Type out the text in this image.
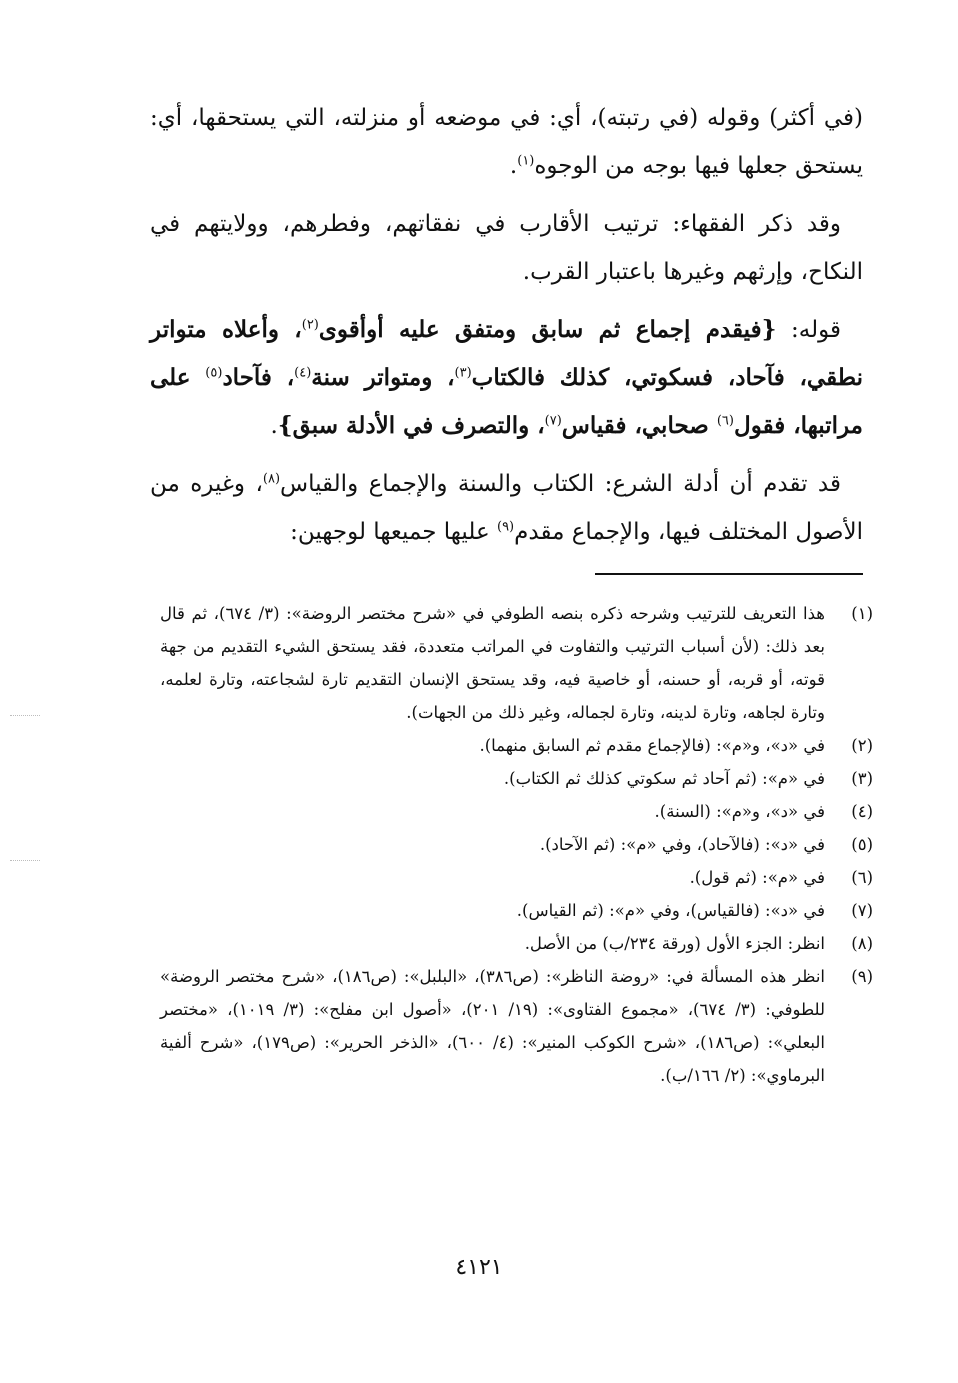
(في أكثر) وقوله (في رتبته)، أي: في موضعه أو منزلته، التي يستحقها، أي: يستحق جعلها فيها بوجه من الوجوه$^{(١)}$.

وقد ذكر الفقهاء: ترتيب الأقارب في نفقاتهم، وفطرهم، وولايتهم في النكاح، وإرثهم وغيرها باعتبار القرب.

قوله: {فيقدم إجماع ثم سابق ومتفق عليه أوأقوى$^{(٢)}$، وأعلاه متواتر نطقي، فآحاد، فسكوتي، كذلك فالكتاب$^{(٣)}$، ومتواتر سنة$^{(٤)}$، فآحاد$^{(٥)}$ على مراتبها، فقول$^{(٦)}$ صحابي، فقياس$^{(٧)}$، والتصرف في الأدلة سبق}.

قد تقدم أن أدلة الشرع: الكتاب والسنة والإجماع والقياس$^{(٨)}$، وغيره من الأصول المختلف فيها، والإجماع مقدم$^{(٩)}$ عليها جميعها لوجهين:

(١)
هذا التعريف للترتيب وشرحه ذكره بنصه الطوفي في «شرح مختصر الروضة»: (٣/ ٦٧٤)، ثم قال بعد ذلك: (لأن أسباب الترتيب والتفاوت في المراتب متعددة، فقد يستحق الشيء التقديم من جهة قوته، أو قربه، أو حسنه، أو خاصية فيه، وقد يستحق الإنسان التقديم تارة لشجاعته، وتارة لعلمه، وتارة لجاهه، وتارة لدينه، وتارة لجماله، وغير ذلك من الجهات).
(٢)
في «د»، و«م»: (فالإجماع مقدم ثم السابق منهما).
(٣)
في «م»: (ثم آحاد ثم سكوتي كذلك ثم الكتاب).
(٤)
في «د»، و«م»: (السنة).
(٥)
في «د»: (فالآحاد)، وفي «م»: (ثم الآحاد).
(٦)
في «م»: (ثم قول).
(٧)
في «د»: (فالقياس)، وفي «م»: (ثم القياس).
(٨)
انظر: الجزء الأول (ورقة ٢٣٤/ب) من الأصل.
(٩)
انظر هذه المسألة في: «روضة الناظر»: (ص٣٨٦)، «البلبل»: (ص١٨٦)، «شرح مختصر الروضة» للطوفي: (٣/ ٦٧٤)، «مجموع الفتاوى»: (١٩/ ٢٠١)، «أصول ابن مفلح»: (٣/ ١٠١٩)، «مختصر البعلي»: (ص١٨٦)، «شرح الكوكب المنير»: (٤/ ٦٠٠)، «الذخر الحرير»: (ص١٧٩)، «شرح ألفية البرماوي»: (٢/ ١٦٦/ب).
٤١٢١
